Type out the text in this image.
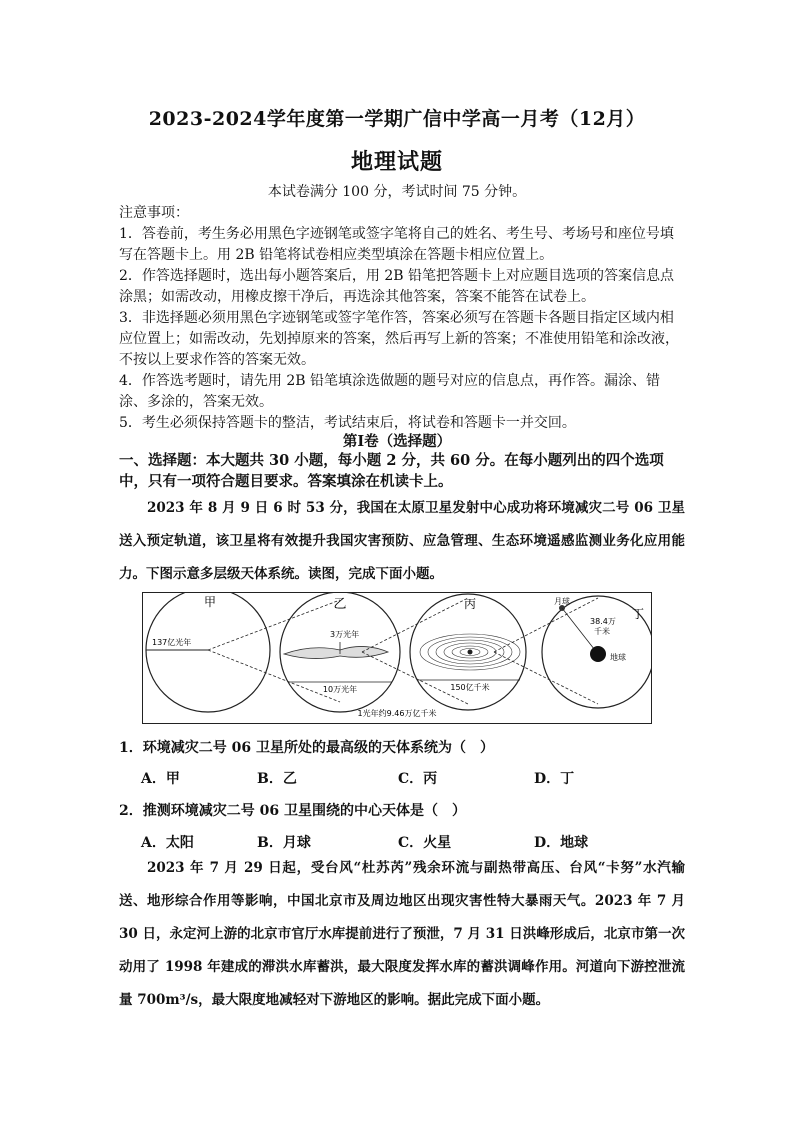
2023-2024学年度第一学期广信中学高一月考（12月）
地理试题
本试卷满分 100 分，考试时间 75 分钟。

注意事项：

1．答卷前，考生务必用黑色字迹钢笔或签字笔将自己的姓名、考生号、考场号和座位号填写在答题卡上。用 2B 铅笔将试卷相应类型填涂在答题卡相应位置上。

2．作答选择题时，选出每小题答案后，用 2B 铅笔把答题卡上对应题目选项的答案信息点涂黑；如需改动，用橡皮擦干净后，再选涂其他答案，答案不能答在试卷上。

3．非选择题必须用黑色字迹钢笔或签字笔作答，答案必须写在答题卡各题目指定区域内相应位置上；如需改动，先划掉原来的答案，然后再写上新的答案；不准使用铅笔和涂改液，不按以上要求作答的答案无效。

4．作答选考题时，请先用 2B 铅笔填涂选做题的题号对应的信息点，再作答。漏涂、错涂、多涂的，答案无效。

5．考生必须保持答题卡的整洁，考试结束后，将试卷和答题卡一并交回。

第Ⅰ卷（选择题）
一、选择题：本大题共 30 小题，每小题 2 分，共 60 分。在每小题列出的四个选项中，只有一项符合题目要求。答案填涂在机读卡上。
2023 年 8 月 9 日 6 时 53 分，我国在太原卫星发射中心成功将环境减灾二号 06 卫星送入预定轨道，该卫星将有效提升我国灾害预防、应急管理、生态环境遥感监测业务化应用能力。下图示意多层级天体系统。读图，完成下面小题。
甲
137亿光年
乙
3万光年
10万光年
丙
150亿千米
丁
月球
38.4万
千米
地球
1光年约9.46万亿千米
1．环境减灾二号 06 卫星所处的最高级的天体系统为（　）
A．甲	B．乙	C．丙	D．丁
2．推测环境减灾二号 06 卫星围绕的中心天体是（　）
A．太阳	B．月球	C．火星	D．地球
2023 年 7 月 29 日起，受台风“杜苏芮”残余环流与副热带高压、台风“卡努”水汽输送、地形综合作用等影响，中国北京市及周边地区出现灾害性特大暴雨天气。2023 年 7 月 30 日，永定河上游的北京市官厅水库提前进行了预泄，7 月 31 日洪峰形成后，北京市第一次动用了 1998 年建成的滞洪水库蓄洪，最大限度发挥水库的蓄洪调峰作用。河道向下游控泄流量 700m³/s，最大限度地减轻对下游地区的影响。据此完成下面小题。
